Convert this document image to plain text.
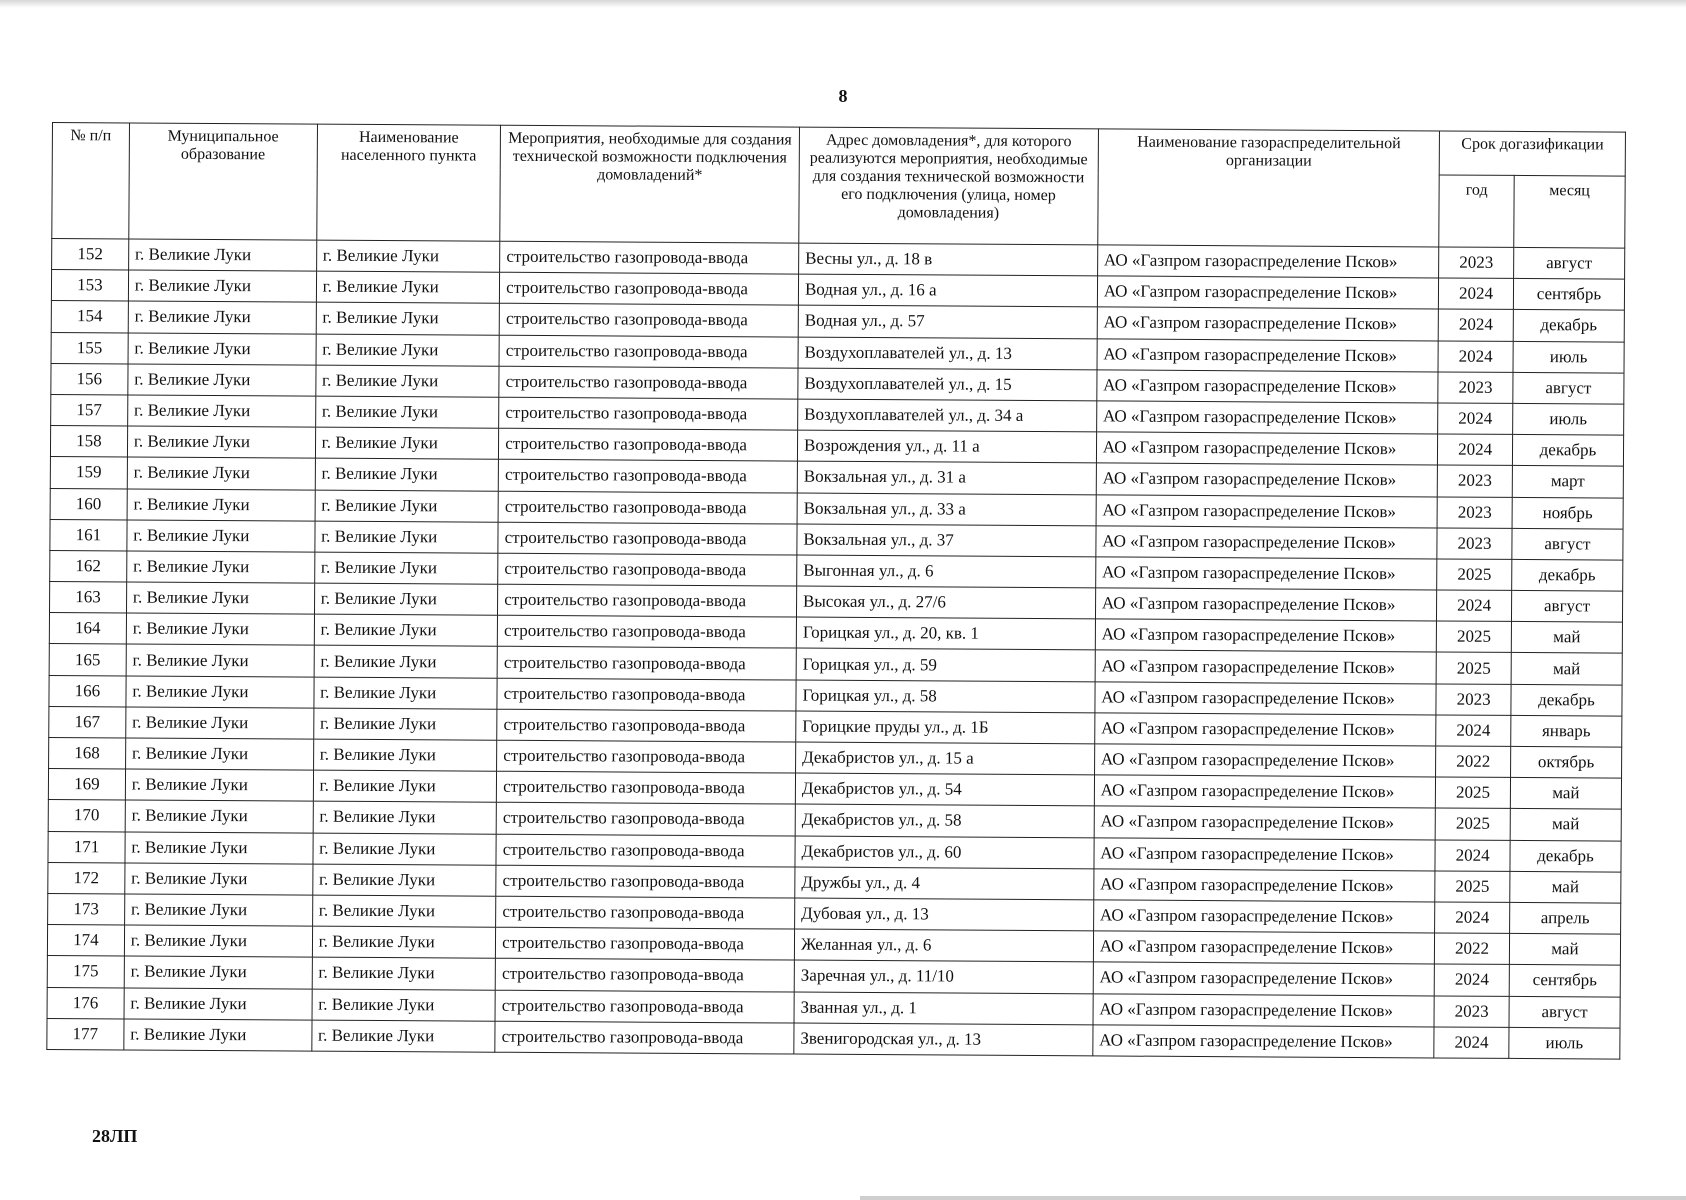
8
№ п/п	Муниципальное образование	Наименование населенного пункта	Мероприятия, необходимые для создания технической возможности подключения домовладений*	Адрес домовладения*, для которого реализуются мероприятия, необходимые для создания технической возможности его подключения (улица, номер домовладения)	Наименование газораспределительной организации	Срок догазификации	
						год	месяц
152	г. Великие Луки	г. Великие Луки	строительство газопровода-ввода	Весны ул., д. 18 в	АО «Газпром газораспределение Псков»	2023	август
153	г. Великие Луки	г. Великие Луки	строительство газопровода-ввода	Водная ул., д. 16 а	АО «Газпром газораспределение Псков»	2024	сентябрь
154	г. Великие Луки	г. Великие Луки	строительство газопровода-ввода	Водная ул., д. 57	АО «Газпром газораспределение Псков»	2024	декабрь
155	г. Великие Луки	г. Великие Луки	строительство газопровода-ввода	Воздухоплавателей ул., д. 13	АО «Газпром газораспределение Псков»	2024	июль
156	г. Великие Луки	г. Великие Луки	строительство газопровода-ввода	Воздухоплавателей ул., д. 15	АО «Газпром газораспределение Псков»	2023	август
157	г. Великие Луки	г. Великие Луки	строительство газопровода-ввода	Воздухоплавателей ул., д. 34 а	АО «Газпром газораспределение Псков»	2024	июль
158	г. Великие Луки	г. Великие Луки	строительство газопровода-ввода	Возрождения ул., д. 11 а	АО «Газпром газораспределение Псков»	2024	декабрь
159	г. Великие Луки	г. Великие Луки	строительство газопровода-ввода	Вокзальная ул., д. 31 а	АО «Газпром газораспределение Псков»	2023	март
160	г. Великие Луки	г. Великие Луки	строительство газопровода-ввода	Вокзальная ул., д. 33 а	АО «Газпром газораспределение Псков»	2023	ноябрь
161	г. Великие Луки	г. Великие Луки	строительство газопровода-ввода	Вокзальная ул., д. 37	АО «Газпром газораспределение Псков»	2023	август
162	г. Великие Луки	г. Великие Луки	строительство газопровода-ввода	Выгонная ул., д. 6	АО «Газпром газораспределение Псков»	2025	декабрь
163	г. Великие Луки	г. Великие Луки	строительство газопровода-ввода	Высокая ул., д. 27/6	АО «Газпром газораспределение Псков»	2024	август
164	г. Великие Луки	г. Великие Луки	строительство газопровода-ввода	Горицкая ул., д. 20, кв. 1	АО «Газпром газораспределение Псков»	2025	май
165	г. Великие Луки	г. Великие Луки	строительство газопровода-ввода	Горицкая ул., д. 59	АО «Газпром газораспределение Псков»	2025	май
166	г. Великие Луки	г. Великие Луки	строительство газопровода-ввода	Горицкая ул., д. 58	АО «Газпром газораспределение Псков»	2023	декабрь
167	г. Великие Луки	г. Великие Луки	строительство газопровода-ввода	Горицкие пруды ул., д. 1Б	АО «Газпром газораспределение Псков»	2024	январь
168	г. Великие Луки	г. Великие Луки	строительство газопровода-ввода	Декабристов ул., д. 15 а	АО «Газпром газораспределение Псков»	2022	октябрь
169	г. Великие Луки	г. Великие Луки	строительство газопровода-ввода	Декабристов ул., д. 54	АО «Газпром газораспределение Псков»	2025	май
170	г. Великие Луки	г. Великие Луки	строительство газопровода-ввода	Декабристов ул., д. 58	АО «Газпром газораспределение Псков»	2025	май
171	г. Великие Луки	г. Великие Луки	строительство газопровода-ввода	Декабристов ул., д. 60	АО «Газпром газораспределение Псков»	2024	декабрь
172	г. Великие Луки	г. Великие Луки	строительство газопровода-ввода	Дружбы ул., д. 4	АО «Газпром газораспределение Псков»	2025	май
173	г. Великие Луки	г. Великие Луки	строительство газопровода-ввода	Дубовая ул., д. 13	АО «Газпром газораспределение Псков»	2024	апрель
174	г. Великие Луки	г. Великие Луки	строительство газопровода-ввода	Желанная ул., д. 6	АО «Газпром газораспределение Псков»	2022	май
175	г. Великие Луки	г. Великие Луки	строительство газопровода-ввода	Заречная ул., д. 11/10	АО «Газпром газораспределение Псков»	2024	сентябрь
176	г. Великие Луки	г. Великие Луки	строительство газопровода-ввода	Званная ул., д. 1	АО «Газпром газораспределение Псков»	2023	август
177	г. Великие Луки	г. Великие Луки	строительство газопровода-ввода	Звенигородская ул., д. 13	АО «Газпром газораспределение Псков»	2024	июль
28ЛП
